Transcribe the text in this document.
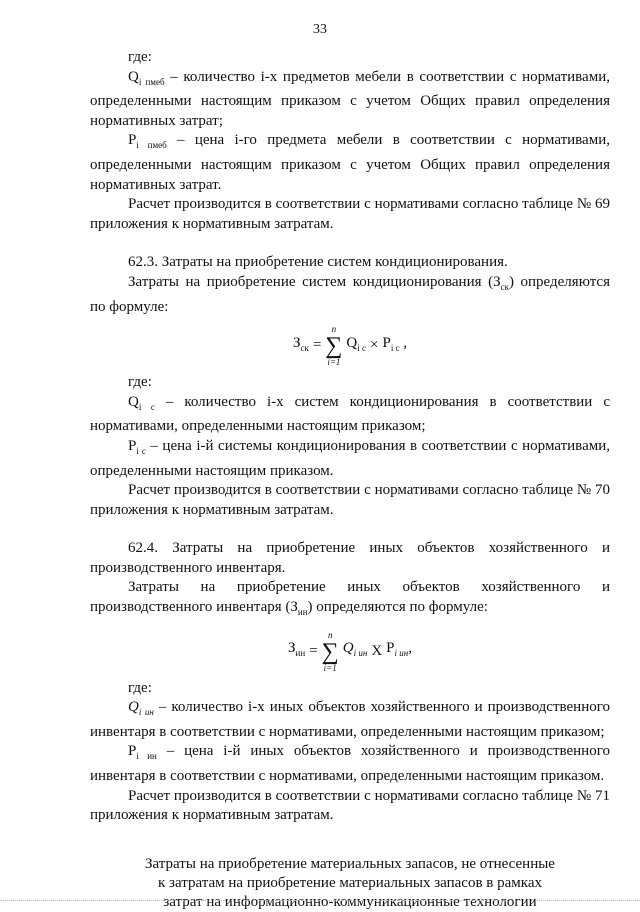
33

где:

$Q_{i пмеб}$ – количество i-х предметов мебели в соответствии с нормативами, определенными настоящим приказом с учетом Общих правил определения нормативных затрат;

$P_{i пмеб}$ – цена i-го предмета мебели в соответствии с нормативами, определенными настоящим приказом с учетом Общих правил определения нормативных затрат.

Расчет производится в соответствии с нормативами согласно таблице № 69 приложения к нормативным затратам.

62.3. Затраты на приобретение систем кондиционирования.

Затраты на приобретение систем кондиционирования $(З_{ск})$ определяются по формуле:

$З_{ск}$ =
n
∑
i=1
$Q_{i c} \times P_{i c}$ ,

где:

$Q_{i c}$ – количество i-х систем кондиционирования в соответствии с нормативами, определенными настоящим приказом;

$P_{i c}$ – цена i-й системы кондиционирования в соответствии с нормативами, определенными настоящим приказом.

Расчет производится в соответствии с нормативами согласно таблице № 70 приложения к нормативным затратам.

62.4. Затраты на приобретение иных объектов хозяйственного и производственного инвентаря.

Затраты на приобретение иных объектов хозяйственного и производственного инвентаря $(З_{ин})$ определяются по формуле:

$З_{ин}$ =
n
∑
i=1
$Q_{i ин}$ X $P_{i ин}$,

где:

$Q_{i ин}$ – количество i-х иных объектов хозяйственного и производственного инвентаря в соответствии с нормативами, определенными настоящим приказом;

$P_{i ин}$ – цена i-й иных объектов хозяйственного и производственного инвентаря в соответствии с нормативами, определенными настоящим приказом.

Расчет производится в соответствии с нормативами согласно таблице № 71 приложения к нормативным затратам.

Затраты на приобретение материальных запасов, не отнесенные
к затратам на приобретение материальных запасов в рамках
затрат на информационно-коммуникационные технологии
